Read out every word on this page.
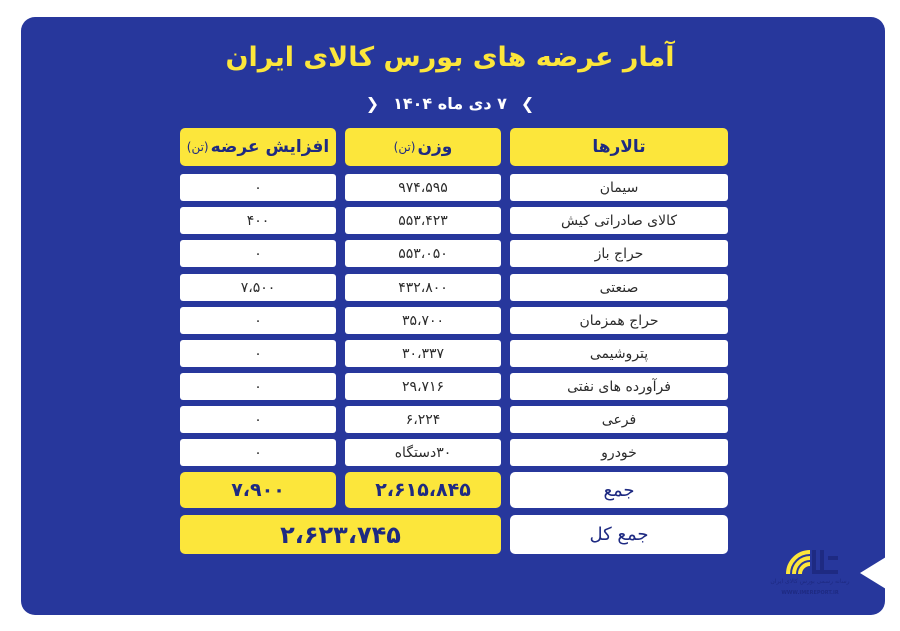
آمار عرضه های بورس کالای ایران
❯
۷ دی ماه ۱۴۰۴
❮
تالارها
وزن
(تن)
افزایش عرضه
(تن)
سیمان
۹۷۴،۵۹۵
۰
کالای صادراتی کیش
۵۵۳،۴۲۳
۴۰۰
حراج باز
۵۵۳،۰۵۰
۰
صنعتی
۴۳۲،۸۰۰
۷،۵۰۰
حراج همزمان
۳۵،۷۰۰
۰
پتروشیمی
۳۰،۳۳۷
۰
فرآورده های نفتی
۲۹،۷۱۶
۰
فرعی
۶،۲۲۴
۰
خودرو
۳۰دستگاه
۰
جمع
۲،۶۱۵،۸۴۵
۷،۹۰۰
جمع کل
۲،۶۲۳،۷۴۵
رسانه رسمی بورس کالای ایران
WWW.IMEREPORT.IR
